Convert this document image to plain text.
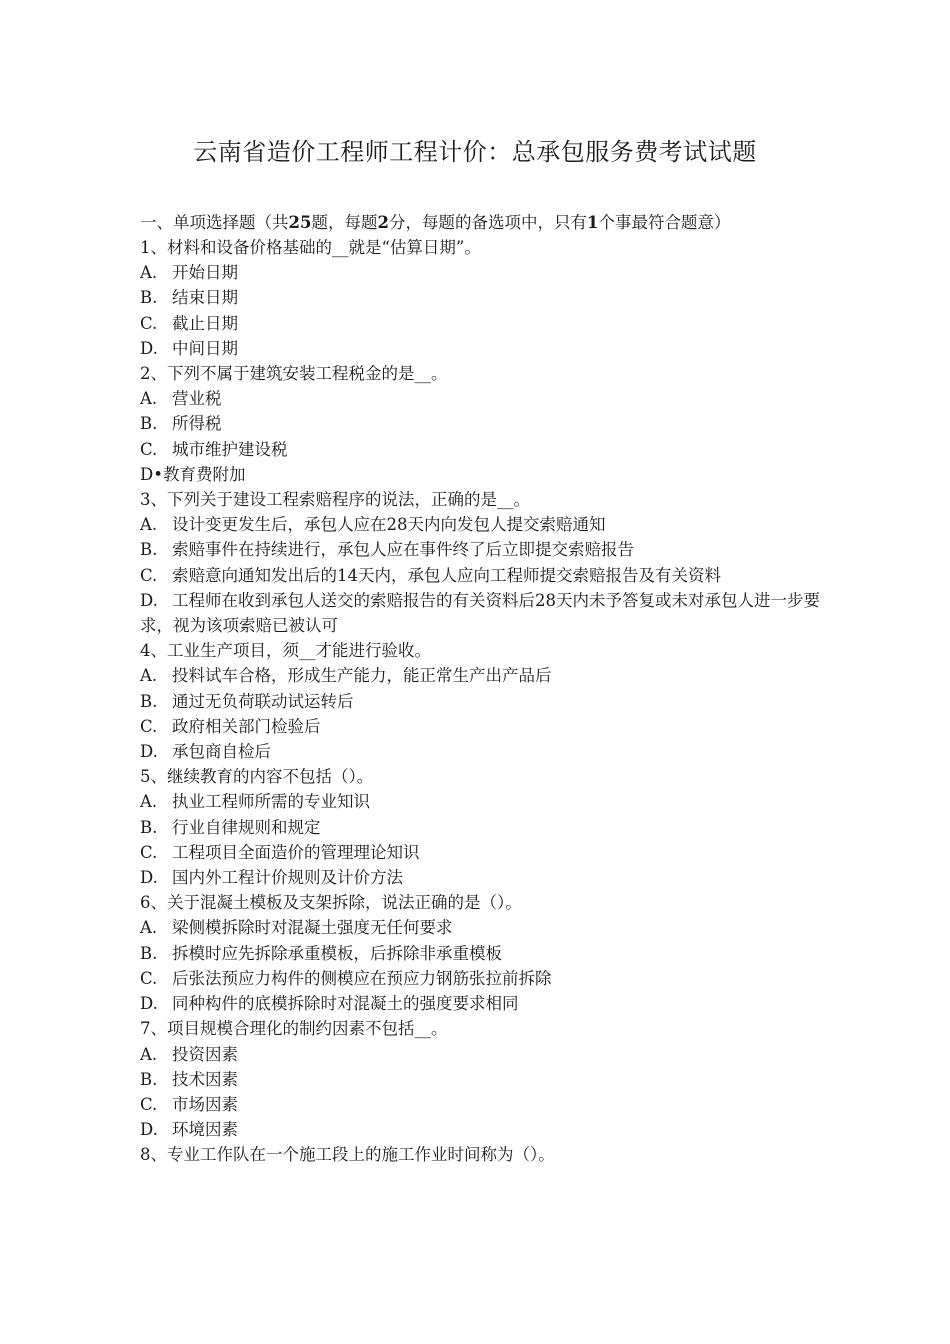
云南省造价工程师工程计价：总承包服务费考试试题
一、单项选择题（共25题，每题2分，每题的备选项中，只有1个事最符合题意）
1、材料和设备价格基础的__就是“估算日期”。
A. 开始日期
B. 结束日期
C. 截止日期
D. 中间日期
2、下列不属于建筑安装工程税金的是__。
A. 营业税
B. 所得税
C. 城市维护建设税
D•教育费附加
3、下列关于建设工程索赔程序的说法，正确的是__。
A. 设计变更发生后，承包人应在28天内向发包人提交索赔通知
B. 索赔事件在持续进行，承包人应在事件终了后立即提交索赔报告
C. 索赔意向通知发出后的14天内，承包人应向工程师提交索赔报告及有关资料
D. 工程师在收到承包人送交的索赔报告的有关资料后28天内未予答复或未对承包人进一步要求，视为该项索赔已被认可
4、工业生产项目，须__才能进行验收。
A. 投料试车合格，形成生产能力，能正常生产出产品后
B. 通过无负荷联动试运转后
C. 政府相关部门检验后
D. 承包商自检后
5、继续教育的内容不包括（）。
A. 执业工程师所需的专业知识
B. 行业自律规则和规定
C. 工程项目全面造价的管理理论知识
D. 国内外工程计价规则及计价方法
6、关于混凝土模板及支架拆除，说法正确的是（）。
A. 梁侧模拆除时对混凝土强度无任何要求
B. 拆模时应先拆除承重模板，后拆除非承重模板
C. 后张法预应力构件的侧模应在预应力钢筋张拉前拆除
D. 同种构件的底模拆除时对混凝土的强度要求相同
7、项目规模合理化的制约因素不包括__。
A. 投资因素
B. 技术因素
C. 市场因素
D. 环境因素
8、专业工作队在一个施工段上的施工作业时间称为（）。
